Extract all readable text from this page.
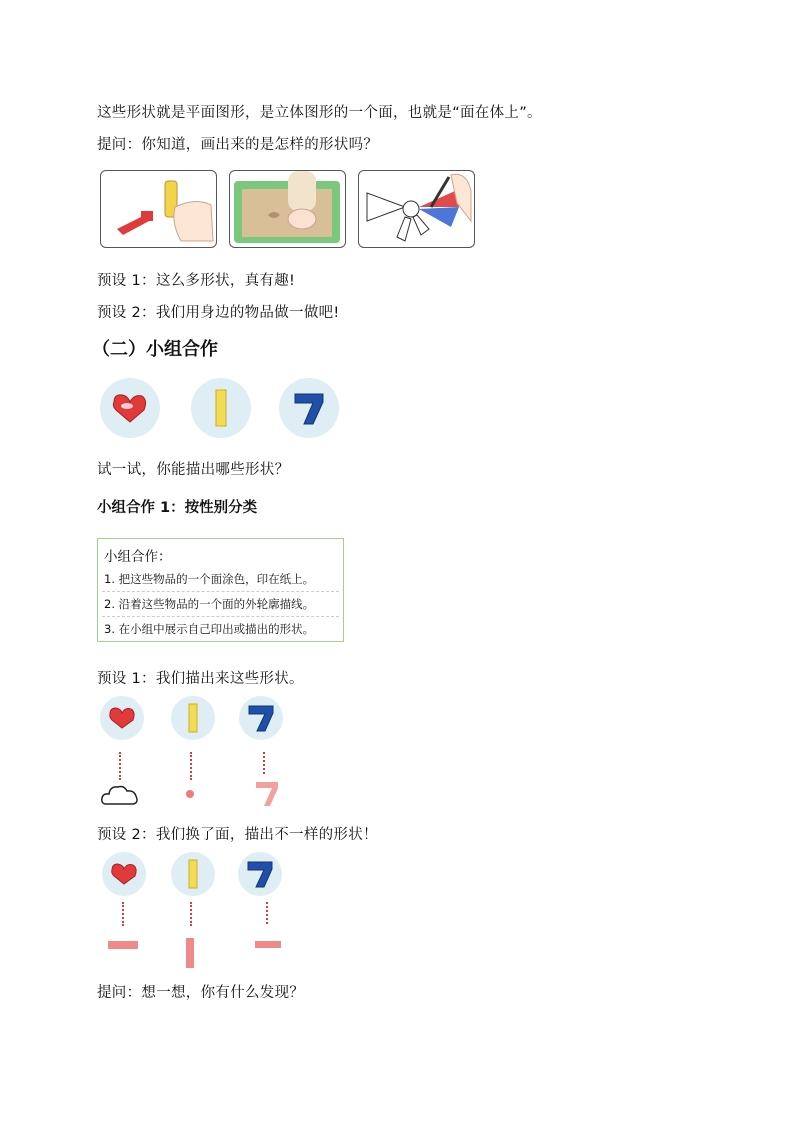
这些形状就是平面图形，是立体图形的一个面，也就是“面在体上”。
提问：你知道，画出来的是怎样的形状吗？
预设 1：这么多形状，真有趣!
预设 2：我们用身边的物品做一做吧!
（二）小组合作
试一试，你能描出哪些形状？
小组合作 1：按性别分类
小组合作：
1. 把这些物品的一个面涂色，印在纸上。
2. 沿着这些物品的一个面的外轮廓描线。
3. 在小组中展示自己印出或描出的形状。
预设 1：我们描出来这些形状。
预设 2：我们换了面，描出不一样的形状！
提问：想一想，你有什么发现？
